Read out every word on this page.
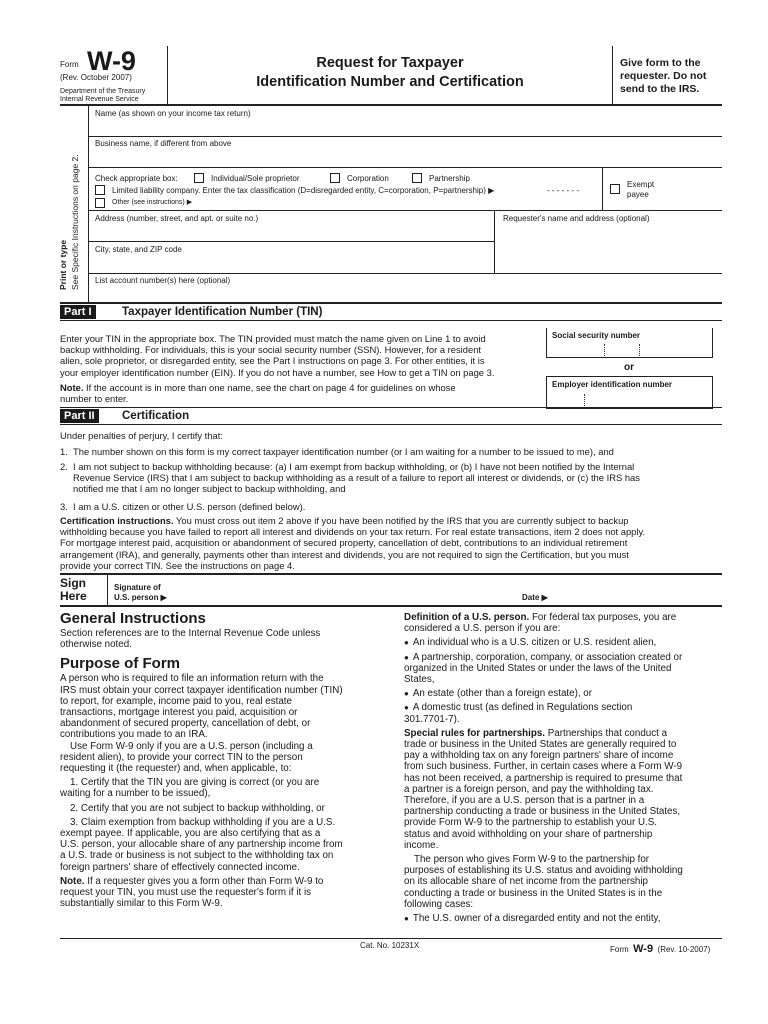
Form W-9
(Rev. October 2007)
Department of the Treasury
Internal Revenue Service
Request for Taxpayer
Identification Number and Certification
Give form to the
requester. Do not
send to the IRS.
Print or type See Specific Instructions on page 2.
Name (as shown on your income tax return)
Business name, if different from above
Check appropriate box:	Individual/Sole proprietor	Corporation	Partnership
Limited liability company. Enter the tax classification (D=disregarded entity, C=corporation, P=partnership) ▶	- - - - - - -
Other (see instructions) ▶
Exempt
payee
Address (number, street, and apt. or suite no.)	Requester's name and address (optional)
City, state, and ZIP code
List account number(s) here (optional)
Part I	Taxpayer Identification Number (TIN)
Enter your TIN in the appropriate box. The TIN provided must match the name given on Line 1 to avoid
backup withholding. For individuals, this is your social security number (SSN). However, for a resident
alien, sole proprietor, or disregarded entity, see the Part I instructions on page 3. For other entities, it is
your employer identification number (EIN). If you do not have a number, see How to get a TIN on page 3.
Note. If the account is in more than one name, see the chart on page 4 for guidelines on whose
number to enter.
Social security number
or
Employer identification number
Part II	Certification
Under penalties of perjury, I certify that:
1. The number shown on this form is my correct taxpayer identification number (or I am waiting for a number to be issued to me), and
2. I am not subject to backup withholding because: (a) I am exempt from backup withholding, or (b) I have not been notified by the Internal
Revenue Service (IRS) that I am subject to backup withholding as a result of a failure to report all interest or dividends, or (c) the IRS has
notified me that I am no longer subject to backup withholding, and
3. I am a U.S. citizen or other U.S. person (defined below).
Certification instructions. You must cross out item 2 above if you have been notified by the IRS that you are currently subject to backup
withholding because you have failed to report all interest and dividends on your tax return. For real estate transactions, item 2 does not apply.
For mortgage interest paid, acquisition or abandonment of secured property, cancellation of debt, contributions to an individual retirement
arrangement (IRA), and generally, payments other than interest and dividends, you are not required to sign the Certification, but you must
provide your correct TIN. See the instructions on page 4.
Sign
Here
Signature of
U.S. person ▶	Date ▶
General Instructions
Section references are to the Internal Revenue Code unless
otherwise noted.
Purpose of Form
A person who is required to file an information return with the
IRS must obtain your correct taxpayer identification number (TIN)
to report, for example, income paid to you, real estate
transactions, mortgage interest you paid, acquisition or
abandonment of secured property, cancellation of debt, or
contributions you made to an IRA.
Use Form W-9 only if you are a U.S. person (including a
resident alien), to provide your correct TIN to the person
requesting it (the requester) and, when applicable, to:
1. Certify that the TIN you are giving is correct (or you are
waiting for a number to be issued),
2. Certify that you are not subject to backup withholding, or
3. Claim exemption from backup withholding if you are a U.S.
exempt payee. If applicable, you are also certifying that as a
U.S. person, your allocable share of any partnership income from
a U.S. trade or business is not subject to the withholding tax on
foreign partners' share of effectively connected income.
Note. If a requester gives you a form other than Form W-9 to
request your TIN, you must use the requester's form if it is
substantially similar to this Form W-9.
Definition of a U.S. person. For federal tax purposes, you are
considered a U.S. person if you are:
● An individual who is a U.S. citizen or U.S. resident alien,
● A partnership, corporation, company, or association created or
organized in the United States or under the laws of the United
States,
● An estate (other than a foreign estate), or
● A domestic trust (as defined in Regulations section
301.7701-7).
Special rules for partnerships. Partnerships that conduct a
trade or business in the United States are generally required to
pay a withholding tax on any foreign partners' share of income
from such business. Further, in certain cases where a Form W-9
has not been received, a partnership is required to presume that
a partner is a foreign person, and pay the withholding tax.
Therefore, if you are a U.S. person that is a partner in a
partnership conducting a trade or business in the United States,
provide Form W-9 to the partnership to establish your U.S.
status and avoid withholding on your share of partnership
income.
The person who gives Form W-9 to the partnership for
purposes of establishing its U.S. status and avoiding withholding
on its allocable share of net income from the partnership
conducting a trade or business in the United States is in the
following cases:
● The U.S. owner of a disregarded entity and not the entity,
Cat. No. 10231X	Form W-9 (Rev. 10-2007)
